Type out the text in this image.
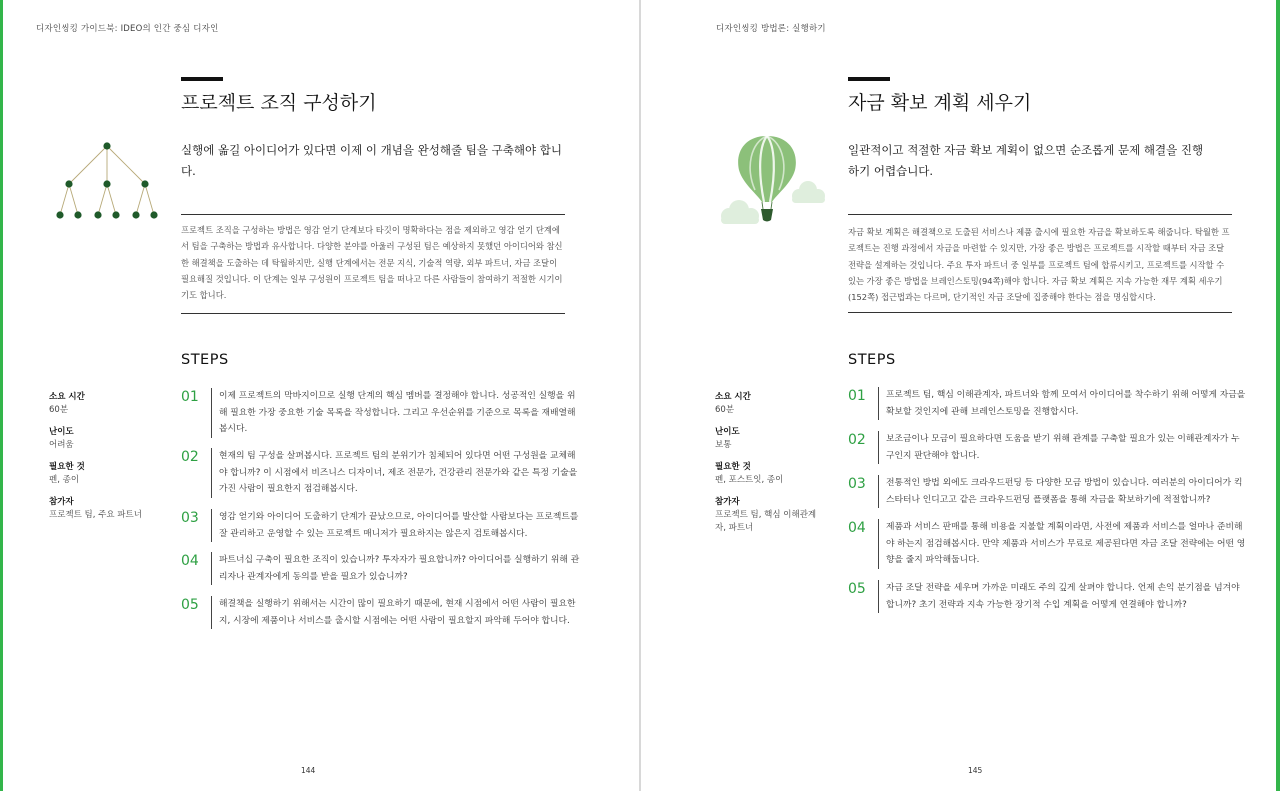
디자인씽킹 가이드북: IDEO의 인간 중심 디자인
프로젝트 조직 구성하기
실행에 옮길 아이디어가 있다면 이제 이 개념을 완성해줄 팀을 구축해야 합니다.
프로젝트 조직을 구성하는 방법은 영감 얻기 단계보다 타깃이 명확하다는 점을 제외하고 영감 얻기 단계에서 팀을 구축하는 방법과 유사합니다. 다양한 분야를 아울러 구성된 팀은 예상하지 못했던 아이디어와 참신한 해결책을 도출하는 데 탁월하지만, 실행 단계에서는 전문 지식, 기술적 역량, 외부 파트너, 자금 조달이 필요해질 것입니다. 이 단계는 일부 구성원이 프로젝트 팀을 떠나고 다른 사람들이 참여하기 적절한 시기이기도 합니다.
STEPS
소요 시간
60분
난이도
어려움
필요한 것
펜, 종이
참가자
프로젝트 팀, 주요 파트너
01	이제 프로젝트의 막바지이므로 실행 단계의 핵심 멤버를 결정해야 합니다. 성공적인 실행을 위해 필요한 가장 중요한 기술 목록을 작성합니다. 그리고 우선순위를 기준으로 목록을 재배열해봅시다.
02	현재의 팀 구성을 살펴봅시다. 프로젝트 팀의 분위기가 침체되어 있다면 어떤 구성원을 교체해야 합니까? 이 시점에서 비즈니스 디자이너, 제조 전문가, 건강관리 전문가와 같은 특정 기술을 가진 사람이 필요한지 점검해봅시다.
03	영감 얻기와 아이디어 도출하기 단계가 끝났으므로, 아이디어를 발산할 사람보다는 프로젝트를 잘 관리하고 운영할 수 있는 프로젝트 매니저가 필요하지는 않은지 검토해봅시다.
04	파트너십 구축이 필요한 조직이 있습니까? 투자자가 필요합니까? 아이디어를 실행하기 위해 관리자나 관계자에게 동의를 받을 필요가 있습니까?
05	해결책을 실행하기 위해서는 시간이 많이 필요하기 때문에, 현재 시점에서 어떤 사람이 필요한지, 시장에 제품이나 서비스를 출시할 시점에는 어떤 사람이 필요할지 파악해 두어야 합니다.
144
디자인씽킹 방법론: 실행하기
자금 확보 계획 세우기
일관적이고 적절한 자금 확보 계획이 없으면 순조롭게 문제 해결을 진행하기 어렵습니다.
자금 확보 계획은 해결책으로 도출된 서비스나 제품 출시에 필요한 자금을 확보하도록 해줍니다. 탁월한 프로젝트는 진행 과정에서 자금을 마련할 수 있지만, 가장 좋은 방법은 프로젝트를 시작할 때부터 자금 조달 전략을 설계하는 것입니다. 주요 투자 파트너 중 일부를 프로젝트 팀에 합류시키고, 프로젝트를 시작할 수 있는 가장 좋은 방법을 브레인스토밍(94쪽)해야 합니다. 자금 확보 계획은 지속 가능한 재무 계획 세우기(152쪽) 접근법과는 다르며, 단기적인 자금 조달에 집중해야 한다는 점을 명심합시다.
STEPS
소요 시간
60분
난이도
보통
필요한 것
펜, 포스트잇, 종이
참가자
프로젝트 팀, 핵심 이해관계자, 파트너
01	프로젝트 팀, 핵심 이해관계자, 파트너와 함께 모여서 아이디어를 착수하기 위해 어떻게 자금을 확보할 것인지에 관해 브레인스토밍을 진행합시다.
02	보조금이나 모금이 필요하다면 도움을 받기 위해 관계를 구축할 필요가 있는 이해관계자가 누구인지 판단해야 합니다.
03	전통적인 방법 외에도 크라우드펀딩 등 다양한 모금 방법이 있습니다. 여러분의 아이디어가 킥스타터나 인디고고 같은 크라우드펀딩 플랫폼을 통해 자금을 확보하기에 적절합니까?
04	제품과 서비스 판매를 통해 비용을 지불할 계획이라면, 사전에 제품과 서비스를 얼마나 준비해야 하는지 점검해봅시다. 만약 제품과 서비스가 무료로 제공된다면 자금 조달 전략에는 어떤 영향을 줄지 파악해둡니다.
05	자금 조달 전략을 세우며 가까운 미래도 주의 깊게 살펴야 합니다. 언제 손익 분기점을 넘겨야 합니까? 초기 전략과 지속 가능한 장기적 수입 계획을 어떻게 연결해야 합니까?
145
